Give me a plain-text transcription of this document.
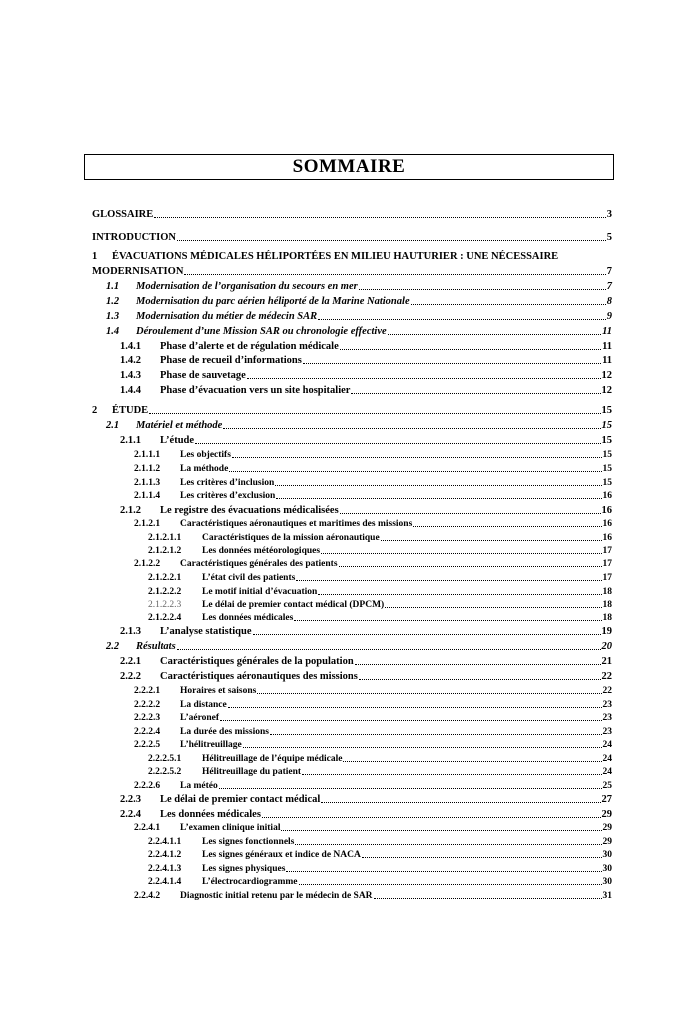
SOMMAIRE
GLOSSAIRE	3
INTRODUCTION	5
1	ÉVACUATIONS MÉDICALES HÉLIPORTÉES EN MILIEU HAUTURIER : UNE NÉCESSAIRE
MODERNISATION	7
1.1	Modernisation de l’organisation du secours en mer	7
1.2	Modernisation du parc aérien héliporté de la Marine Nationale	8
1.3	Modernisation du métier de médecin SAR	9
1.4	Déroulement d’une Mission SAR ou chronologie effective	11
1.4.1	Phase d’alerte et de régulation médicale	11
1.4.2	Phase de recueil d’informations	11
1.4.3	Phase de sauvetage	12
1.4.4	Phase d’évacuation vers un site hospitalier	12
2	ÉTUDE	15
2.1	Matériel et méthode	15
2.1.1	L’étude	15
2.1.1.1	Les objectifs	15
2.1.1.2	La méthode	15
2.1.1.3	Les critères d’inclusion	15
2.1.1.4	Les critères d’exclusion	16
2.1.2	Le registre des évacuations médicalisées	16
2.1.2.1	Caractéristiques aéronautiques et maritimes des missions	16
2.1.2.1.1	Caractéristiques de la mission aéronautique	16
2.1.2.1.2	Les données météorologiques	17
2.1.2.2	Caractéristiques générales des patients	17
2.1.2.2.1	L’état civil des patients	17
2.1.2.2.2	Le motif initial d’évacuation	18
2.1.2.2.3	Le délai de premier contact médical (DPCM)	18
2.1.2.2.4	Les données médicales	18
2.1.3	L’analyse statistique	19
2.2	Résultats	20
2.2.1	Caractéristiques générales de la population	21
2.2.2	Caractéristiques aéronautiques des missions	22
2.2.2.1	Horaires et saisons	22
2.2.2.2	La distance	23
2.2.2.3	L’aéronef	23
2.2.2.4	La durée des missions	23
2.2.2.5	L’hélitreuillage	24
2.2.2.5.1	Hélitreuillage de l’équipe médicale	24
2.2.2.5.2	Hélitreuillage du patient	24
2.2.2.6	La météo	25
2.2.3	Le délai de premier contact médical	27
2.2.4	Les données médicales	29
2.2.4.1	L’examen clinique initial	29
2.2.4.1.1	Les signes fonctionnels	29
2.2.4.1.2	Les signes généraux et indice de NACA	30
2.2.4.1.3	Les signes physiques	30
2.2.4.1.4	L’électrocardiogramme	30
2.2.4.2	Diagnostic initial retenu par le médecin de SAR	31
